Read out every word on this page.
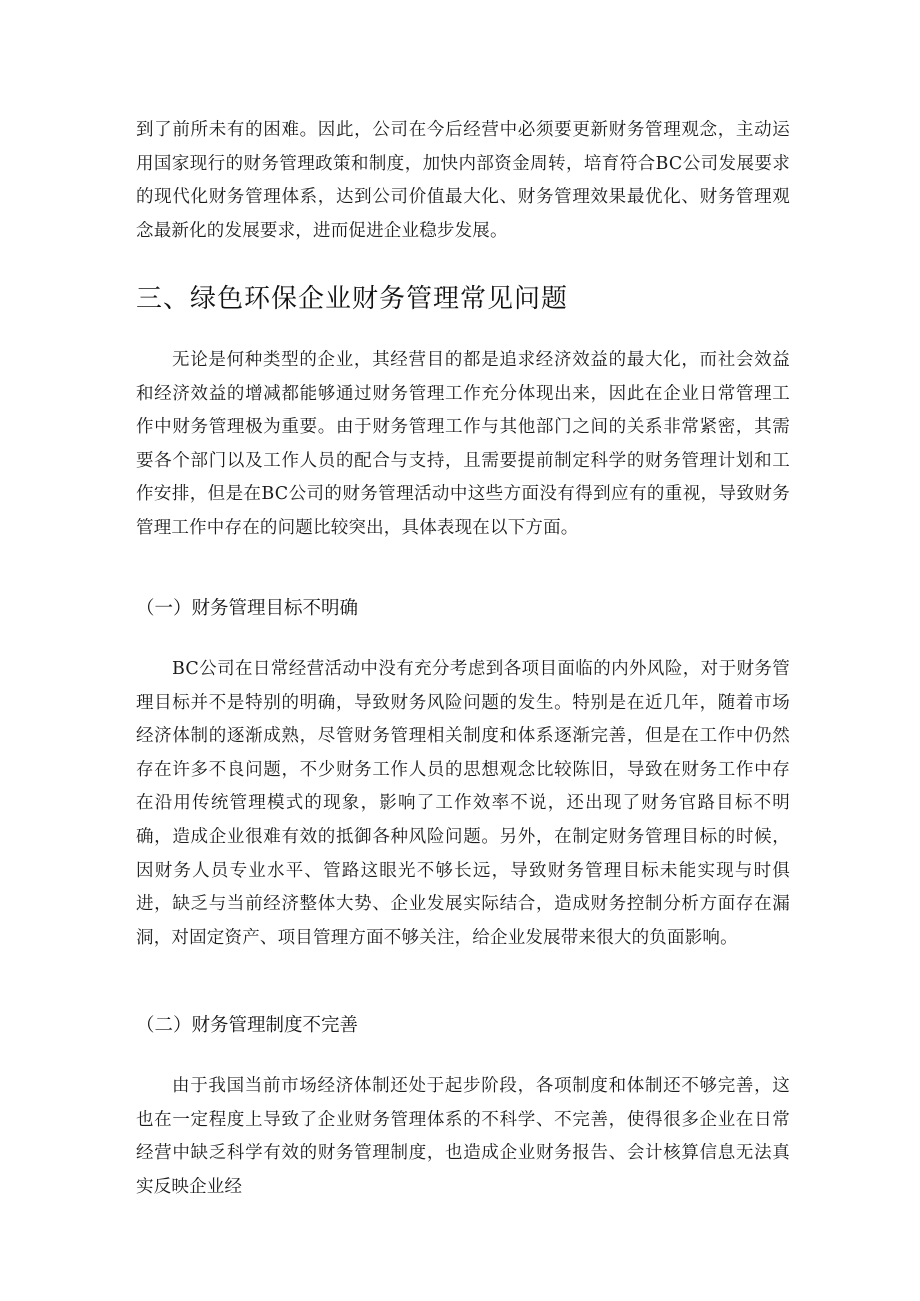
到了前所未有的困难。因此，公司在今后经营中必须要更新财务管理观念，主动运用国家现行的财务管理政策和制度，加快内部资金周转，培育符合BC公司发展要求的现代化财务管理体系，达到公司价值最大化、财务管理效果最优化、财务管理观念最新化的发展要求，进而促进企业稳步发展。

三、绿色环保企业财务管理常见问题

无论是何种类型的企业，其经营目的都是追求经济效益的最大化，而社会效益和经济效益的增减都能够通过财务管理工作充分体现出来，因此在企业日常管理工作中财务管理极为重要。由于财务管理工作与其他部门之间的关系非常紧密，其需要各个部门以及工作人员的配合与支持，且需要提前制定科学的财务管理计划和工作安排，但是在BC公司的财务管理活动中这些方面没有得到应有的重视，导致财务管理工作中存在的问题比较突出，具体表现在以下方面。

（一）财务管理目标不明确

BC公司在日常经营活动中没有充分考虑到各项目面临的内外风险，对于财务管理目标并不是特别的明确，导致财务风险问题的发生。特别是在近几年，随着市场经济体制的逐渐成熟，尽管财务管理相关制度和体系逐渐完善，但是在工作中仍然存在许多不良问题，不少财务工作人员的思想观念比较陈旧，导致在财务工作中存在沿用传统管理模式的现象，影响了工作效率不说，还出现了财务官路目标不明确，造成企业很难有效的抵御各种风险问题。另外，在制定财务管理目标的时候，因财务人员专业水平、管路这眼光不够长远，导致财务管理目标未能实现与时俱进，缺乏与当前经济整体大势、企业发展实际结合，造成财务控制分析方面存在漏洞，对固定资产、项目管理方面不够关注，给企业发展带来很大的负面影响。

（二）财务管理制度不完善

由于我国当前市场经济体制还处于起步阶段，各项制度和体制还不够完善，这也在一定程度上导致了企业财务管理体系的不科学、不完善，使得很多企业在日常经营中缺乏科学有效的财务管理制度，也造成企业财务报告、会计核算信息无法真实反映企业经
